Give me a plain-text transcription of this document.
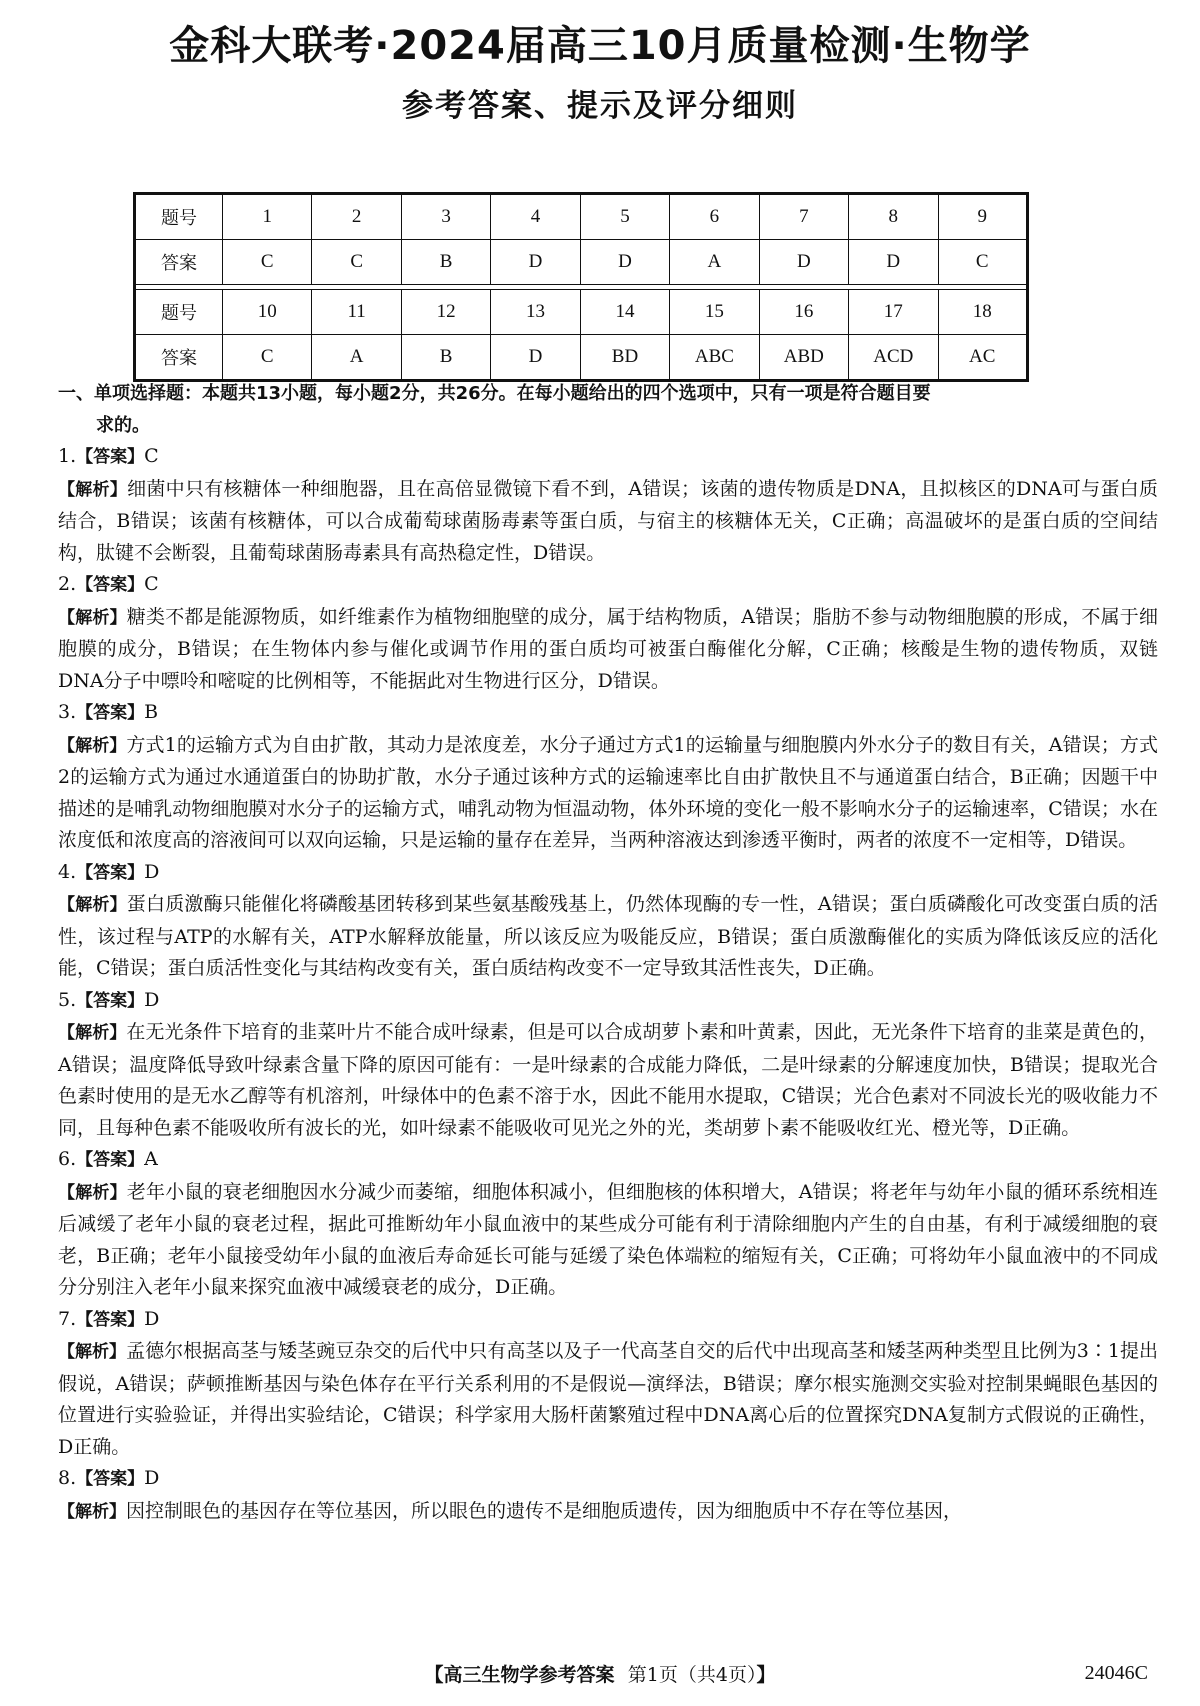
金科大联考·2024届高三10月质量检测·生物学
参考答案、提示及评分细则
题号	1	2	3	4	5	6	7	8	9
答案	C	C	B	D	D	A	D	D	C

题号	10	11	12	13	14	15	16	17	18
答案	C	A	B	D	BD	ABC	ABD	ACD	AC

一、单项选择题：本题共13小题，每小题2分，共26分。在每小题给出的四个选项中，只有一项是符合题目要

求的。

1.【答案】C

【解析】细菌中只有核糖体一种细胞器，且在高倍显微镜下看不到，A错误；该菌的遗传物质是DNA，且拟核区的DNA可与蛋白质结合，B错误；该菌有核糖体，可以合成葡萄球菌肠毒素等蛋白质，与宿主的核糖体无关，C正确；高温破坏的是蛋白质的空间结构，肽键不会断裂，且葡萄球菌肠毒素具有高热稳定性，D错误。

2.【答案】C

【解析】糖类不都是能源物质，如纤维素作为植物细胞壁的成分，属于结构物质，A错误；脂肪不参与动物细胞膜的形成，不属于细胞膜的成分，B错误；在生物体内参与催化或调节作用的蛋白质均可被蛋白酶催化分解，C正确；核酸是生物的遗传物质，双链DNA分子中嘌呤和嘧啶的比例相等，不能据此对生物进行区分，D错误。

3.【答案】B

【解析】方式1的运输方式为自由扩散，其动力是浓度差，水分子通过方式1的运输量与细胞膜内外水分子的数目有关，A错误；方式2的运输方式为通过水通道蛋白的协助扩散，水分子通过该种方式的运输速率比自由扩散快且不与通道蛋白结合，B正确；因题干中描述的是哺乳动物细胞膜对水分子的运输方式，哺乳动物为恒温动物，体外环境的变化一般不影响水分子的运输速率，C错误；水在浓度低和浓度高的溶液间可以双向运输，只是运输的量存在差异，当两种溶液达到渗透平衡时，两者的浓度不一定相等，D错误。

4.【答案】D

【解析】蛋白质激酶只能催化将磷酸基团转移到某些氨基酸残基上，仍然体现酶的专一性，A错误；蛋白质磷酸化可改变蛋白质的活性，该过程与ATP的水解有关，ATP水解释放能量，所以该反应为吸能反应，B错误；蛋白质激酶催化的实质为降低该反应的活化能，C错误；蛋白质活性变化与其结构改变有关，蛋白质结构改变不一定导致其活性丧失，D正确。

5.【答案】D

【解析】在无光条件下培育的韭菜叶片不能合成叶绿素，但是可以合成胡萝卜素和叶黄素，因此，无光条件下培育的韭菜是黄色的，A错误；温度降低导致叶绿素含量下降的原因可能有：一是叶绿素的合成能力降低，二是叶绿素的分解速度加快，B错误；提取光合色素时使用的是无水乙醇等有机溶剂，叶绿体中的色素不溶于水，因此不能用水提取，C错误；光合色素对不同波长光的吸收能力不同，且每种色素不能吸收所有波长的光，如叶绿素不能吸收可见光之外的光，类胡萝卜素不能吸收红光、橙光等，D正确。

6.【答案】A

【解析】老年小鼠的衰老细胞因水分减少而萎缩，细胞体积减小，但细胞核的体积增大，A错误；将老年与幼年小鼠的循环系统相连后减缓了老年小鼠的衰老过程，据此可推断幼年小鼠血液中的某些成分可能有利于清除细胞内产生的自由基，有利于减缓细胞的衰老，B正确；老年小鼠接受幼年小鼠的血液后寿命延长可能与延缓了染色体端粒的缩短有关，C正确；可将幼年小鼠血液中的不同成分分别注入老年小鼠来探究血液中减缓衰老的成分，D正确。

7.【答案】D

【解析】孟德尔根据高茎与矮茎豌豆杂交的后代中只有高茎以及子一代高茎自交的后代中出现高茎和矮茎两种类型且比例为3∶1提出假说，A错误；萨顿推断基因与染色体存在平行关系利用的不是假说—演绎法，B错误；摩尔根实施测交实验对控制果蝇眼色基因的位置进行实验验证，并得出实验结论，C错误；科学家用大肠杆菌繁殖过程中DNA离心后的位置探究DNA复制方式假说的正确性，D正确。

8.【答案】D

【解析】因控制眼色的基因存在等位基因，所以眼色的遗传不是细胞质遗传，因为细胞质中不存在等位基因，

【高三生物学参考答案 第1页（共4页）】	24046C
